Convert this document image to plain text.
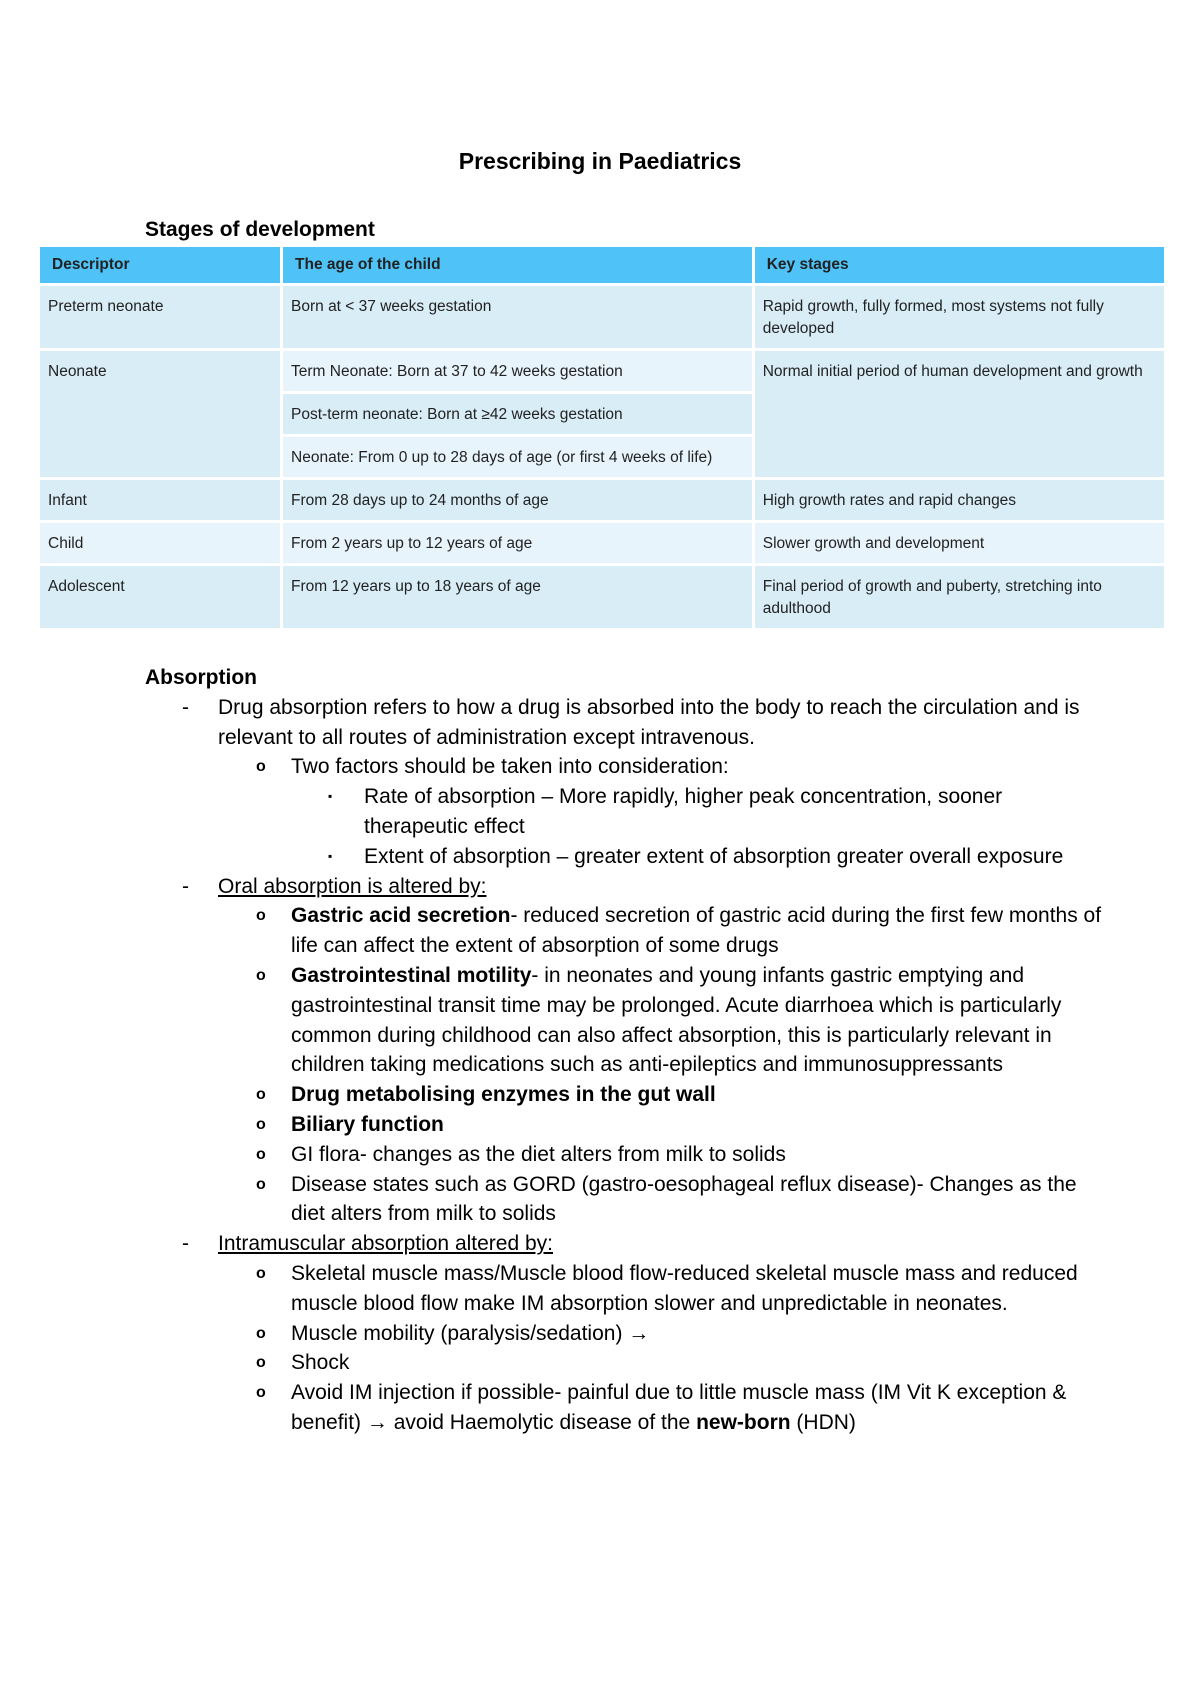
Prescribing in Paediatrics
Stages of development
Descriptor	The age of the child	Key stages
Preterm neonate	Born at < 37 weeks gestation	Rapid growth, fully formed, most systems not fully developed
Neonate	Term Neonate: Born at 37 to 42 weeks gestation	Normal initial period of human development and growth
	Post-term neonate: Born at ≥42 weeks gestation	
	Neonate: From 0 up to 28 days of age (or first 4 weeks of life)	
Infant	From 28 days up to 24 months of age	High growth rates and rapid changes
Child	From 2 years up to 12 years of age	Slower growth and development
Adolescent	From 12 years up to 18 years of age	Final period of growth and puberty, stretching into adulthood
Absorption
- Drug absorption refers to how a drug is absorbed into the body to reach the circulation and is relevant to all routes of administration except intravenous.
o Two factors should be taken into consideration:
▪ Rate of absorption – More rapidly, higher peak concentration, sooner therapeutic effect
▪ Extent of absorption – greater extent of absorption greater overall exposure
- Oral absorption is altered by:
o Gastric acid secretion- reduced secretion of gastric acid during the first few months of life can affect the extent of absorption of some drugs
o Gastrointestinal motility- in neonates and young infants gastric emptying and gastrointestinal transit time may be prolonged. Acute diarrhoea which is particularly common during childhood can also affect absorption, this is particularly relevant in children taking medications such as anti-epileptics and immunosuppressants
o Drug metabolising enzymes in the gut wall
o Biliary function
o GI flora- changes as the diet alters from milk to solids
o Disease states such as GORD (gastro-oesophageal reflux disease)- Changes as the diet alters from milk to solids
- Intramuscular absorption altered by:
o Skeletal muscle mass/Muscle blood flow-reduced skeletal muscle mass and reduced muscle blood flow make IM absorption slower and unpredictable in neonates.
o Muscle mobility (paralysis/sedation) →
o Shock
o Avoid IM injection if possible- painful due to little muscle mass (IM Vit K exception & benefit) → avoid Haemolytic disease of the new-born (HDN)
